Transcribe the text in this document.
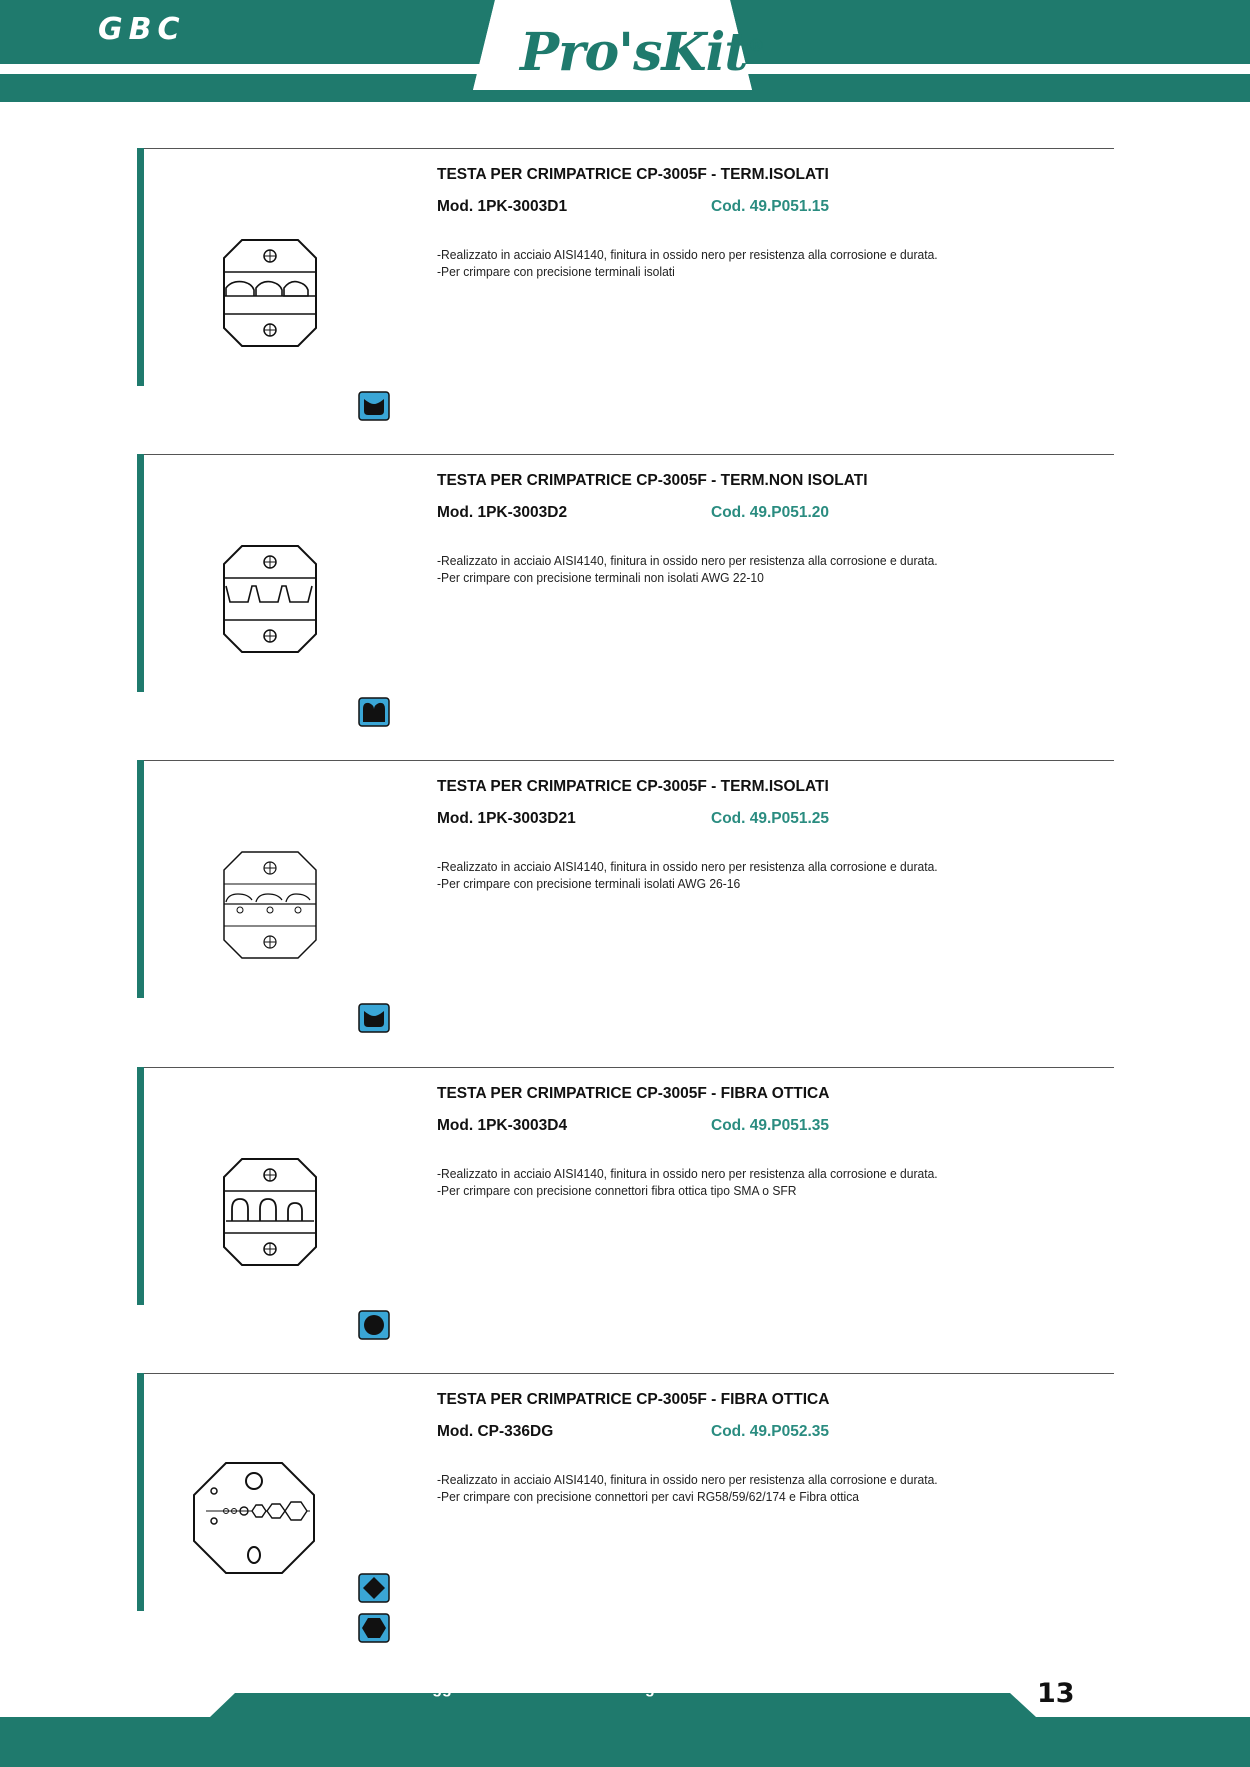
GBC	Pro'sKit®
TESTA PER CRIMPATRICE CP-3005F - TERM.ISOLATI
Mod. 1PK-3003D1	Cod. 49.P051.15
-Realizzato in acciaio AISI4140, finitura in ossido nero per resistenza alla corrosione e durata.
-Per crimpare con precisione terminali isolati
TESTA PER CRIMPATRICE CP-3005F - TERM.NON ISOLATI
Mod. 1PK-3003D2	Cod. 49.P051.20
-Realizzato in acciaio AISI4140, finitura in ossido nero per resistenza alla corrosione e durata.
-Per crimpare con precisione terminali non isolati AWG 22-10
TESTA PER CRIMPATRICE CP-3005F - TERM.ISOLATI
Mod. 1PK-3003D21	Cod. 49.P051.25
-Realizzato in acciaio AISI4140, finitura in ossido nero per resistenza alla corrosione e durata.
-Per crimpare con precisione terminali isolati AWG 26-16
TESTA PER CRIMPATRICE CP-3005F - FIBRA OTTICA
Mod. 1PK-3003D4	Cod. 49.P051.35
-Realizzato in acciaio AISI4140, finitura in ossido nero per resistenza alla corrosione e durata.
-Per crimpare con precisione connettori fibra ottica tipo SMA o SFR
TESTA PER CRIMPATRICE CP-3005F - FIBRA OTTICA
Mod. CP-336DG	Cod. 49.P052.35
-Realizzato in acciaio AISI4140, finitura in ossido nero per resistenza alla corrosione e durata.
-Per crimpare con precisione connettori per cavi RG58/59/62/174 e Fibra ottica
Maggiori informazioni su www.gbconline.it	13
